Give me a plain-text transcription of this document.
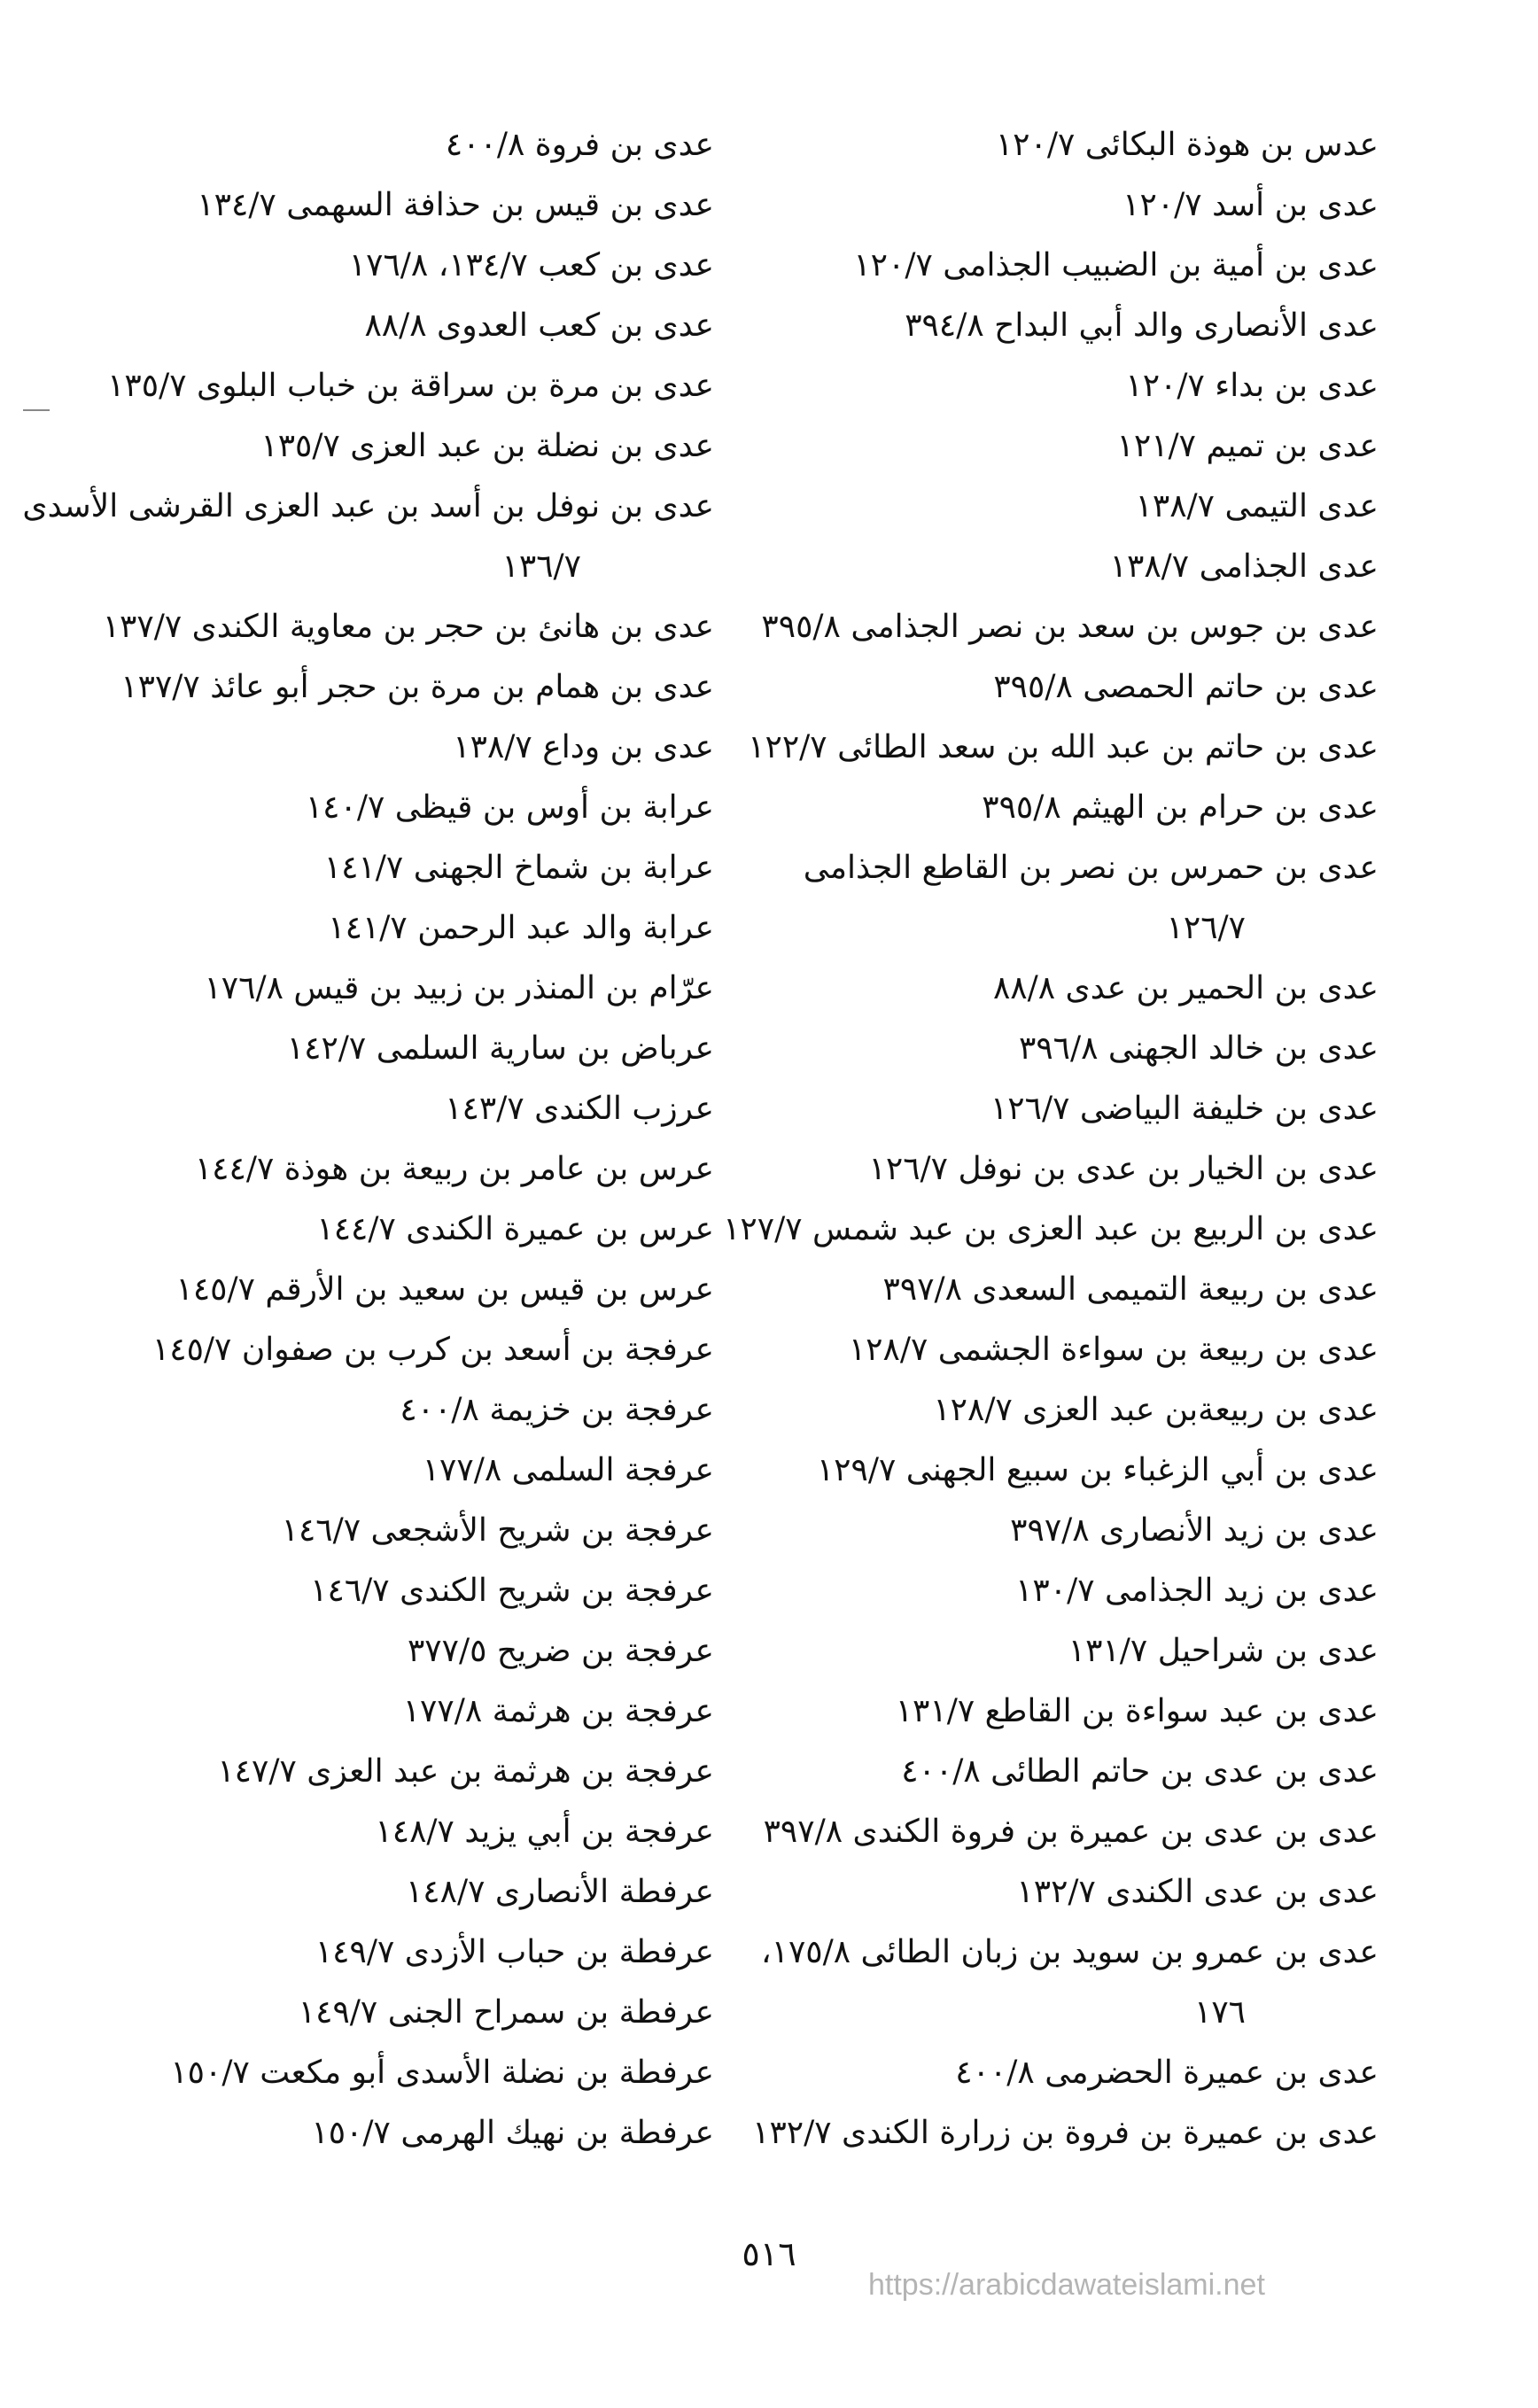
عدس بن هوذة البكائى ١٢٠/٧
عدى بن أسد ١٢٠/٧
عدى بن أمية بن الضبيب الجذامى ١٢٠/٧
عدى الأنصارى والد أبي البداح ٣٩٤/٨
عدى بن بداء ١٢٠/٧
عدى بن تميم ١٢١/٧
عدى التيمى ١٣٨/٧
عدى الجذامى ١٣٨/٧
عدى بن جوس بن سعد بن نصر الجذامى ٣٩٥/٨
عدى بن حاتم الحمصى ٣٩٥/٨
عدى بن حاتم بن عبد الله بن سعد الطائى ١٢٢/٧
عدى بن حرام بن الهيثم ٣٩٥/٨
عدى بن حمرس بن نصر بن القاطع الجذامى
١٢٦/٧
عدى بن الحمير بن عدى ٨٨/٨
عدى بن خالد الجهنى ٣٩٦/٨
عدى بن خليفة البياضى ١٢٦/٧
عدى بن الخيار بن عدى بن نوفل ١٢٦/٧
عدى بن الربيع بن عبد العزى بن عبد شمس ١٢٧/٧
عدى بن ربيعة التميمى السعدى ٣٩٧/٨
عدى بن ربيعة بن سواءة الجشمى ١٢٨/٧
عدى بن ربيعةبن عبد العزى ١٢٨/٧
عدى بن أبي الزغباء بن سبيع الجهنى ١٢٩/٧
عدى بن زيد الأنصارى ٣٩٧/٨
عدى بن زيد الجذامى ١٣٠/٧
عدى بن شراحيل ١٣١/٧
عدى بن عبد سواءة بن القاطع ١٣١/٧
عدى بن عدى بن حاتم الطائى ٤٠٠/٨
عدى بن عدى بن عميرة بن فروة الكندى ٣٩٧/٨
عدى بن عدى الكندى ١٣٢/٧
عدى بن عمرو بن سويد بن زبان الطائى ١٧٥/٨،
١٧٦
عدى بن عميرة الحضرمى ٤٠٠/٨
عدى بن عميرة بن فروة بن زرارة الكندى ١٣٢/٧
عدى بن فروة ٤٠٠/٨
عدى بن قيس بن حذافة السهمى ١٣٤/٧
عدى بن كعب ١٣٤/٧، ١٧٦/٨
عدى بن كعب العدوى ٨٨/٨
عدى بن مرة بن سراقة بن خباب البلوى ١٣٥/٧
عدى بن نضلة بن عبد العزى ١٣٥/٧
عدى بن نوفل بن أسد بن عبد العزى القرشى الأسدى
١٣٦/٧
عدى بن هانئ بن حجر بن معاوية الكندى ١٣٧/٧
عدى بن همام بن مرة بن حجر أبو عائذ ١٣٧/٧
عدى بن وداع ١٣٨/٧
عرابة بن أوس بن قيظى ١٤٠/٧
عرابة بن شماخ الجهنى ١٤١/٧
عرابة والد عبد الرحمن ١٤١/٧
عرّام بن المنذر بن زبيد بن قيس ١٧٦/٨
عرباض بن سارية السلمى ١٤٢/٧
عرزب الكندى ١٤٣/٧
عرس بن عامر بن ربيعة بن هوذة ١٤٤/٧
عرس بن عميرة الكندى ١٤٤/٧
عرس بن قيس بن سعيد بن الأرقم ١٤٥/٧
عرفجة بن أسعد بن كرب بن صفوان ١٤٥/٧
عرفجة بن خزيمة ٤٠٠/٨
عرفجة السلمى ١٧٧/٨
عرفجة بن شريح الأشجعى ١٤٦/٧
عرفجة بن شريح الكندى ١٤٦/٧
عرفجة بن ضريح ٣٧٧/٥
عرفجة بن هرثمة ١٧٧/٨
عرفجة بن هرثمة بن عبد العزى ١٤٧/٧
عرفجة بن أبي يزيد ١٤٨/٧
عرفطة الأنصارى ١٤٨/٧
عرفطة بن حباب الأزدى ١٤٩/٧
عرفطة بن سمراح الجنى ١٤٩/٧
عرفطة بن نضلة الأسدى أبو مكعت ١٥٠/٧
عرفطة بن نهيك الهرمى ١٥٠/٧
٥١٦
https://arabicdawateislami.net
